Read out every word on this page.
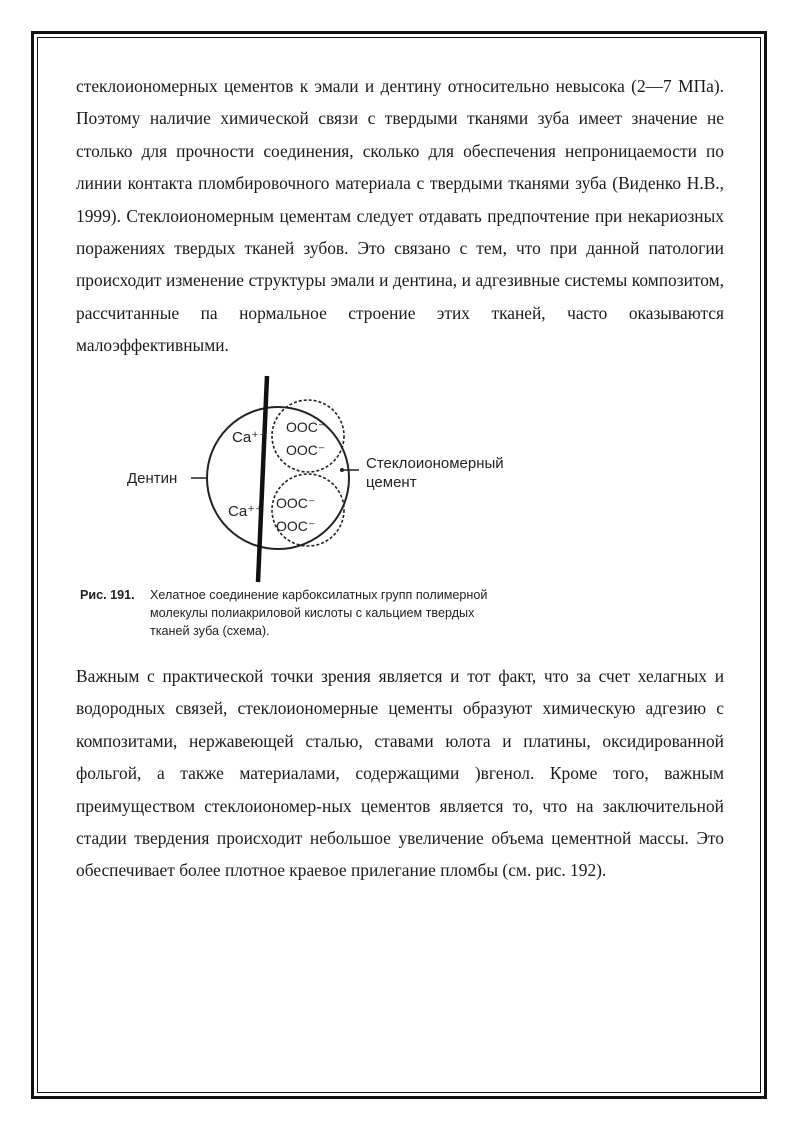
стеклоиономерных цементов к эмали и дентину относительно невысока (2—7 МПа). Поэтому наличие химической связи с твердыми тканями зуба имеет значение не столько для прочности соединения, сколько для обеспечения непроницаемости по линии контакта пломбировочного материала с твердыми тканями зуба (Виденко Н.В., 1999). Стеклоиономерным цементам следует отдавать предпочтение при некариозных поражениях твердых тканей зубов. Это связано с тем, что при данной патологии происходит изменение структуры эмали и дентина, и адгезивные системы композитом, рассчитанные па нормальное строение этих тканей, часто оказываются малоэффективными.

Дентин
Стеклоиономерный
цемент
Ca⁺⁺
Ca⁺⁺
OOC⁻
OOC⁻
OOC⁻
OOC⁻
Рис. 191. Хелатное соединение карбоксилатных групп полимерной
молекулы полиакриловой кислоты с кальцием твердых
тканей зуба (схема).

Важным с практической точки зрения является и тот факт, что за счет хелагных и водородных связей, стеклоиономерные цементы образуют химическую адгезию с композитами, нержавеющей сталью, ставами юлота и платины, оксидированной фольгой, а также материалами, содержащими )вгенол. Кроме того, важным преимуществом стеклоиономер-ных цементов является то, что на заключительной стадии твердения происходит небольшое увеличение объема цементной массы. Это обеспечивает более плотное краевое прилегание пломбы (см. рис. 192).
